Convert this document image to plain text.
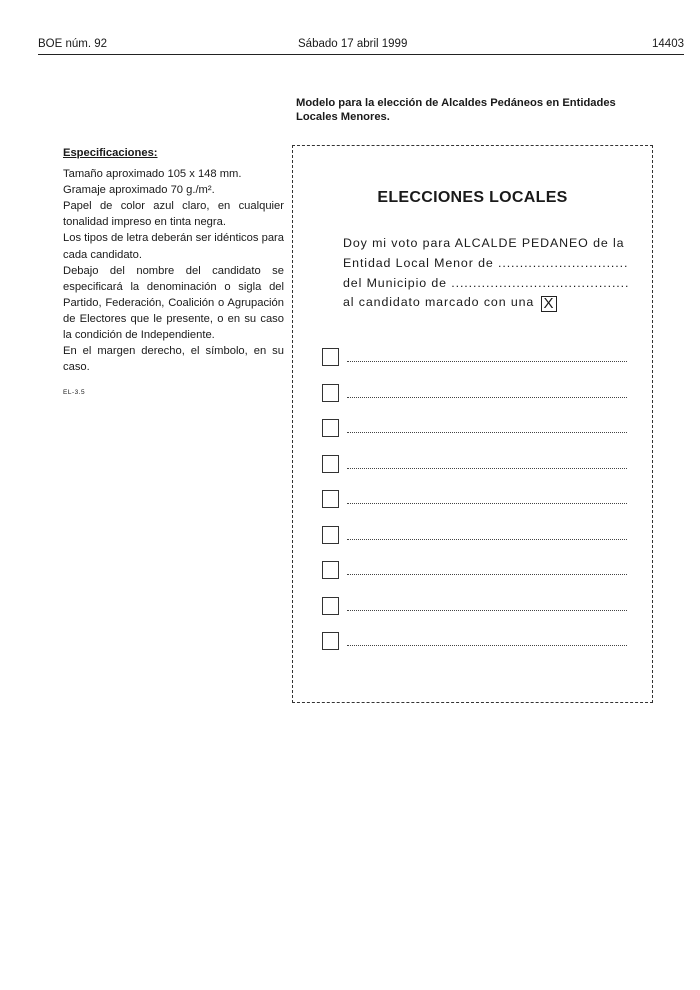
BOE núm. 92	Sábado 17 abril 1999	14403
Modelo para la elección de Alcaldes Pedáneos en Entidades Locales Menores.
Especificaciones:

Tamaño aproximado 105 x 148 mm.

Gramaje aproximado 70 g./m².

Papel de color azul claro, en cualquier tonalidad impreso en tinta negra.

Los tipos de letra deberán ser idénticos para cada candidato.

Debajo del nombre del candidato se especificará la denominación o sigla del Partido, Federación, Coalición o Agrupación de Electores que le presente, o en su caso la condición de Independiente.

En el margen derecho, el símbolo, en su caso.

EL-3.5
ELECCIONES LOCALES
Doy mi voto para ALCALDE PEDANEO de la
Entidad Local Menor de ..............................
del Municipio de .........................................
al candidato marcado con una X
